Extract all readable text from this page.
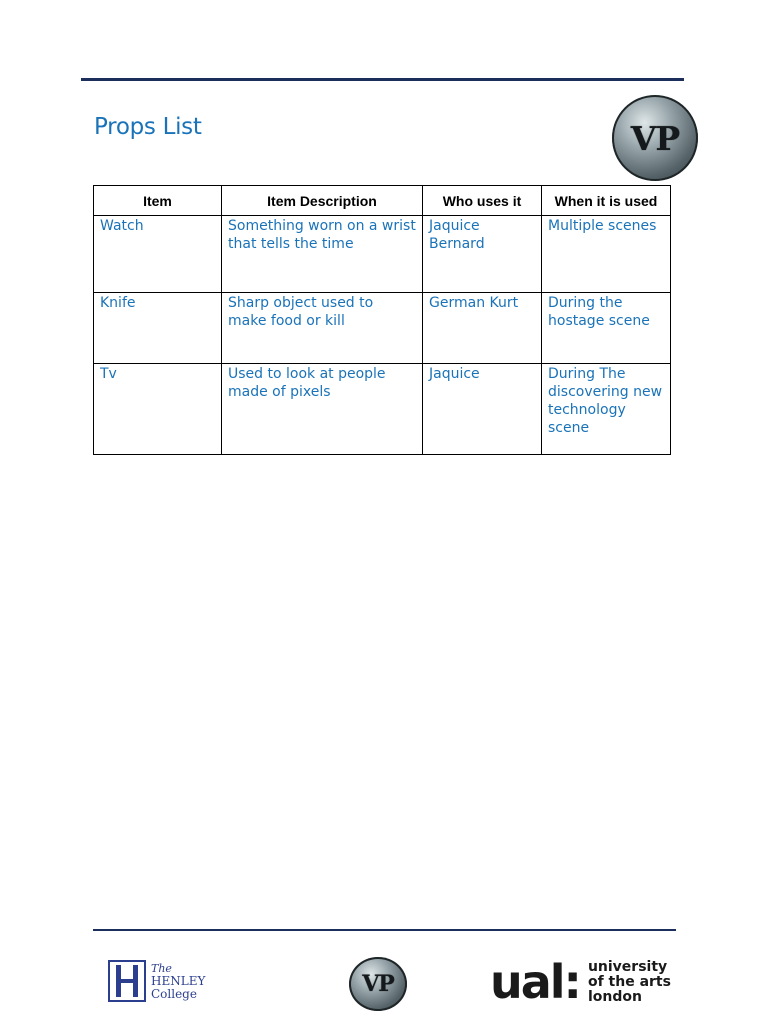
Props List	VP
Item	Item Description	Who uses it	When it is used
Watch	Something worn on a wrist that tells the time	Jaquice Bernard	Multiple scenes
Knife	Sharp object used to make food or kill	German Kurt	During the hostage scene
Tv	Used to look at people made of pixels	Jaquice	During The discovering new technology scene
The
HENLEY
College	VP ual: university
of the arts
london
